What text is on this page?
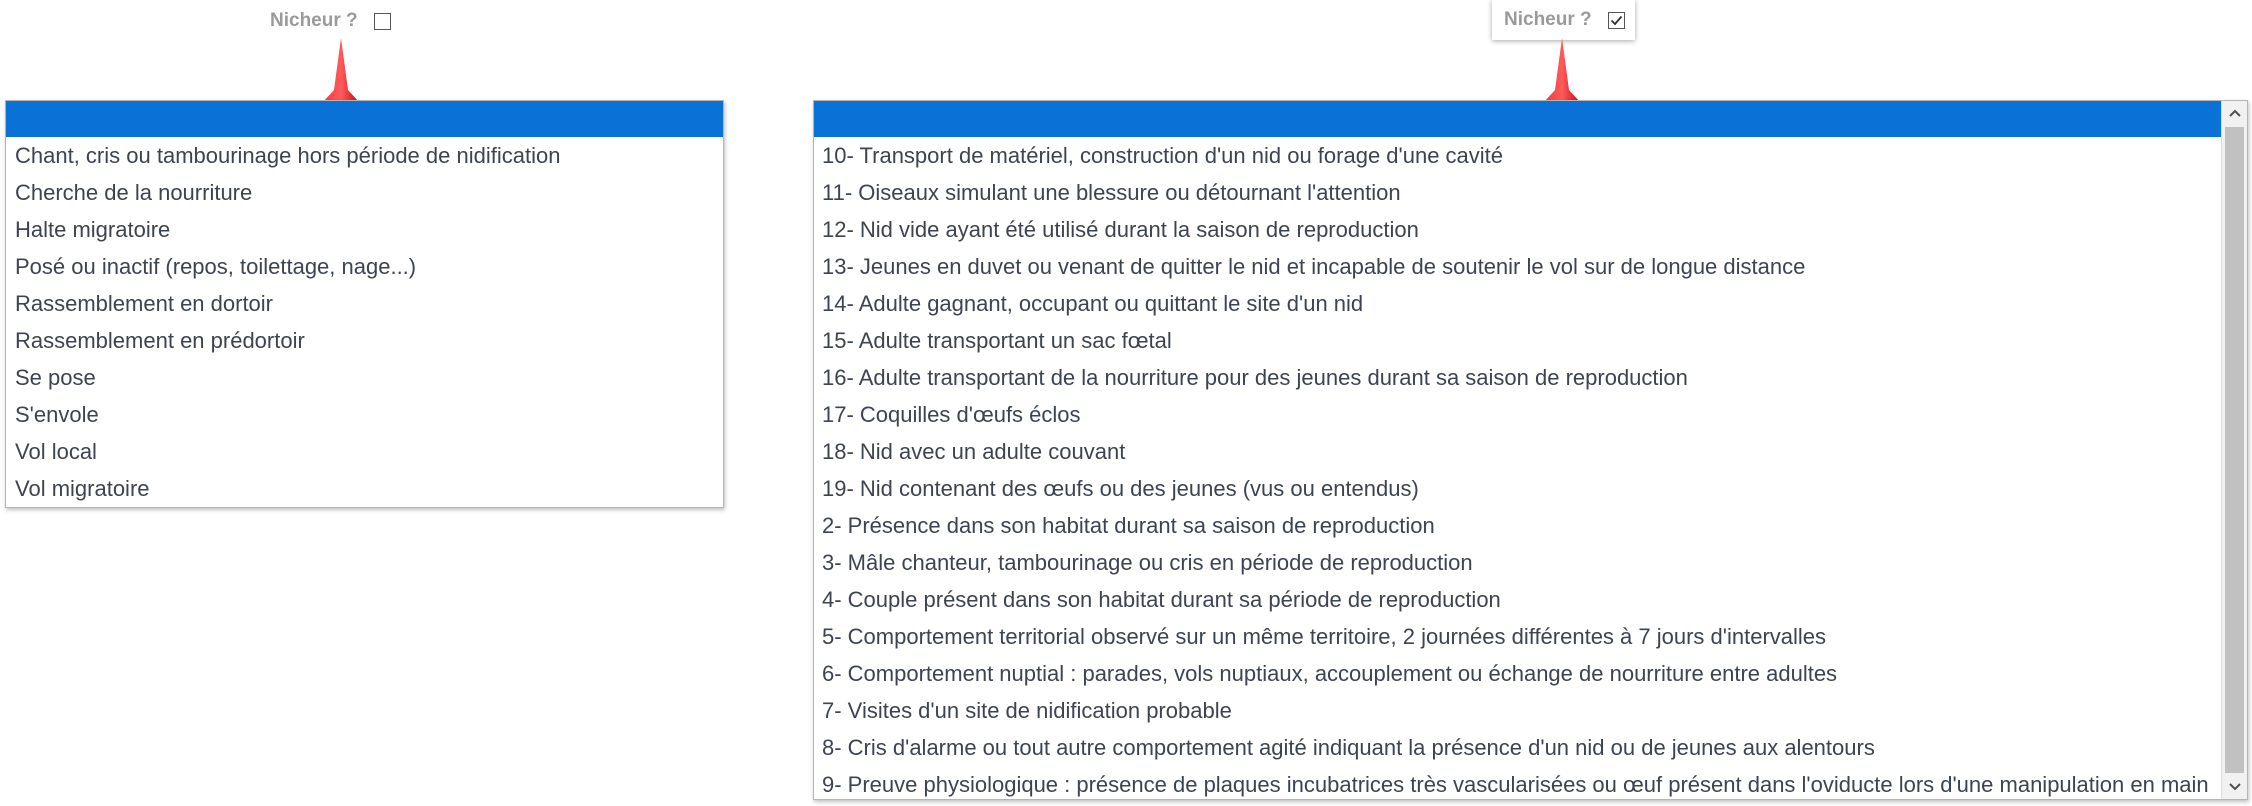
Nicheur ?	Nicheur ?
Chant, cris ou tambourinage hors période de nidification
Cherche de la nourriture
Halte migratoire
Posé ou inactif (repos, toilettage, nage...)
Rassemblement en dortoir
Rassemblement en prédortoir
Se pose
S'envole
Vol local
Vol migratoire
10- Transport de matériel, construction d'un nid ou forage d'une cavité
11- Oiseaux simulant une blessure ou détournant l'attention
12- Nid vide ayant été utilisé durant la saison de reproduction
13- Jeunes en duvet ou venant de quitter le nid et incapable de soutenir le vol sur de longue distance
14- Adulte gagnant, occupant ou quittant le site d'un nid
15- Adulte transportant un sac fœtal
16- Adulte transportant de la nourriture pour des jeunes durant sa saison de reproduction
17- Coquilles d'œufs éclos
18- Nid avec un adulte couvant
19- Nid contenant des œufs ou des jeunes (vus ou entendus)
2- Présence dans son habitat durant sa saison de reproduction
3- Mâle chanteur, tambourinage ou cris en période de reproduction
4- Couple présent dans son habitat durant sa période de reproduction
5- Comportement territorial observé sur un même territoire, 2 journées différentes à 7 jours d'intervalles
6- Comportement nuptial : parades, vols nuptiaux, accouplement ou échange de nourriture entre adultes
7- Visites d'un site de nidification probable
8- Cris d'alarme ou tout autre comportement agité indiquant la présence d'un nid ou de jeunes aux alentours
9- Preuve physiologique : présence de plaques incubatrices très vascularisées ou œuf présent dans l'oviducte lors d'une manipulation en main
